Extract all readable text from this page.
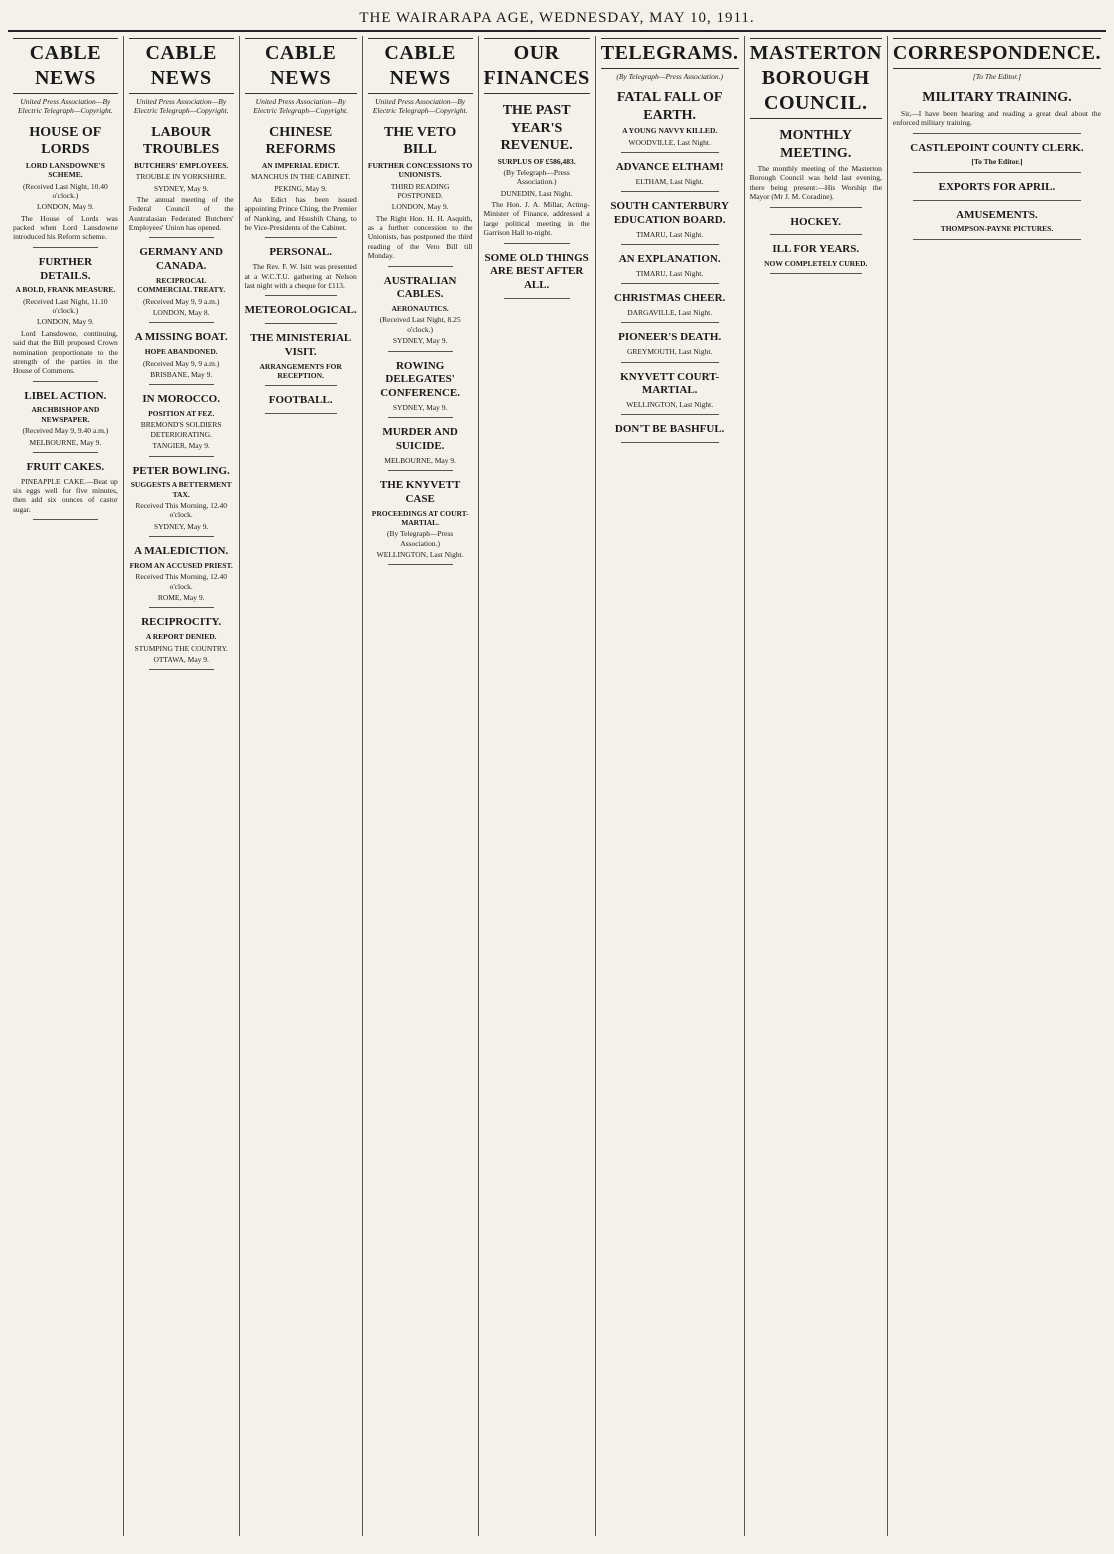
THE WAIRARAPA AGE, WEDNESDAY, MAY 10, 1911.
CABLE NEWS
United Press Association—By Electric Telegraph—Copyright.
HOUSE OF LORDS
LORD LANSDOWNE'S SCHEME.
(Received Last Night, 10.40 o'clock.)
LONDON, May 9.

The House of Lords was packed when Lord Lansdowne introduced his Reform scheme.

FURTHER DETAILS.
A BOLD, FRANK MEASURE.
(Received Last Night, 11.10 o'clock.)
LONDON, May 9.

Lord Lansdowne, continuing, said that the Bill proposed Crown nomination proportionate to the strength of the parties in the House of Commons.

LIBEL ACTION.
ARCHBISHOP AND NEWSPAPER.
(Received May 9, 9.40 a.m.)
MELBOURNE, May 9.
FRUIT CAKES.

PINEAPPLE CAKE.—Beat up six eggs well for five minutes, then add six ounces of castor sugar.

CABLE NEWS
United Press Association—By Electric Telegraph—Copyright.
LABOUR TROUBLES
BUTCHERS' EMPLOYEES.
TROUBLE IN YORKSHIRE.
SYDNEY, May 9.

The annual meeting of the Federal Council of the Australasian Federated Butchers' Employees' Union has opened.

GERMANY AND CANADA.
RECIPROCAL COMMERCIAL TREATY.
(Received May 9, 9 a.m.)
LONDON, May 8.
A MISSING BOAT.
HOPE ABANDONED.
(Received May 9, 9 a.m.)
BRISBANE, May 9.
IN MOROCCO.
POSITION AT FEZ.
BREMOND'S SOLDIERS DETERIORATING.
TANGIER, May 9.
PETER BOWLING.
SUGGESTS A BETTERMENT TAX.
Received This Morning, 12.40 o'clock.
SYDNEY, May 9.
A MALEDICTION.
FROM AN ACCUSED PRIEST.
Received This Morning, 12.40 o'clock.
ROME, May 9.
RECIPROCITY.
A REPORT DENIED.
STUMPING THE COUNTRY.
OTTAWA, May 9.
CABLE NEWS
United Press Association—By Electric Telegraph—Copyright.
CHINESE REFORMS
AN IMPERIAL EDICT.
MANCHUS IN THE CABINET.
PEKING, May 9.

An Edict has been issued appointing Prince Ching, the Premier of Nanking, and Hsushih Chang, to be Vice-Presidents of the Cabinet.

PERSONAL.

The Rev. F. W. Isitt was presented at a W.C.T.U. gathering at Nelson last night with a cheque for £113.

METEOROLOGICAL.
THE MINISTERIAL VISIT.
ARRANGEMENTS FOR RECEPTION.
FOOTBALL.
CABLE NEWS
United Press Association—By Electric Telegraph—Copyright.
THE VETO BILL
FURTHER CONCESSIONS TO UNIONISTS.
THIRD READING POSTPONED.
LONDON, May 9.

The Right Hon. H. H. Asquith, as a further concession to the Unionists, has postponed the third reading of the Veto Bill till Monday.

AUSTRALIAN CABLES.
AERONAUTICS.
(Received Last Night, 8.25 o'clock.)
SYDNEY, May 9.
ROWING DELEGATES' CONFERENCE.
SYDNEY, May 9.
MURDER AND SUICIDE.
MELBOURNE, May 9.
THE KNYVETT CASE
PROCEEDINGS AT COURT-MARTIAL.
(By Telegraph—Press Association.)
WELLINGTON, Last Night.
OUR FINANCES
THE PAST YEAR'S REVENUE.
SURPLUS OF £586,483.
(By Telegraph—Press Association.)
DUNEDIN, Last Night.

The Hon. J. A. Millar, Acting-Minister of Finance, addressed a large political meeting in the Garrison Hall to-night.

SOME OLD THINGS ARE BEST AFTER ALL.
TELEGRAMS.
(By Telegraph—Press Association.)
FATAL FALL OF EARTH.
A YOUNG NAVVY KILLED.
WOODVILLE, Last Night.
ADVANCE ELTHAM!
ELTHAM, Last Night.
SOUTH CANTERBURY EDUCATION BOARD.
TIMARU, Last Night.
AN EXPLANATION.
TIMARU, Last Night.
CHRISTMAS CHEER.
DARGAVILLE, Last Night.
PIONEER'S DEATH.
GREYMOUTH, Last Night.
KNYVETT COURT-MARTIAL.
WELLINGTON, Last Night.
DON'T BE BASHFUL.
MASTERTON BOROUGH COUNCIL.
MONTHLY MEETING.

The monthly meeting of the Masterton Borough Council was held last evening, there being present:—His Worship the Mayor (Mr J. M. Coradine).

HOCKEY.
ILL FOR YEARS.
NOW COMPLETELY CURED.
CORRESPONDENCE.
[To The Editor.]
MILITARY TRAINING.

Sir,—I have been hearing and reading a great deal about the enforced military training.

CASTLEPOINT COUNTY CLERK.
[To The Editor.]
EXPORTS FOR APRIL.
AMUSEMENTS.
THOMPSON-PAYNE PICTURES.
